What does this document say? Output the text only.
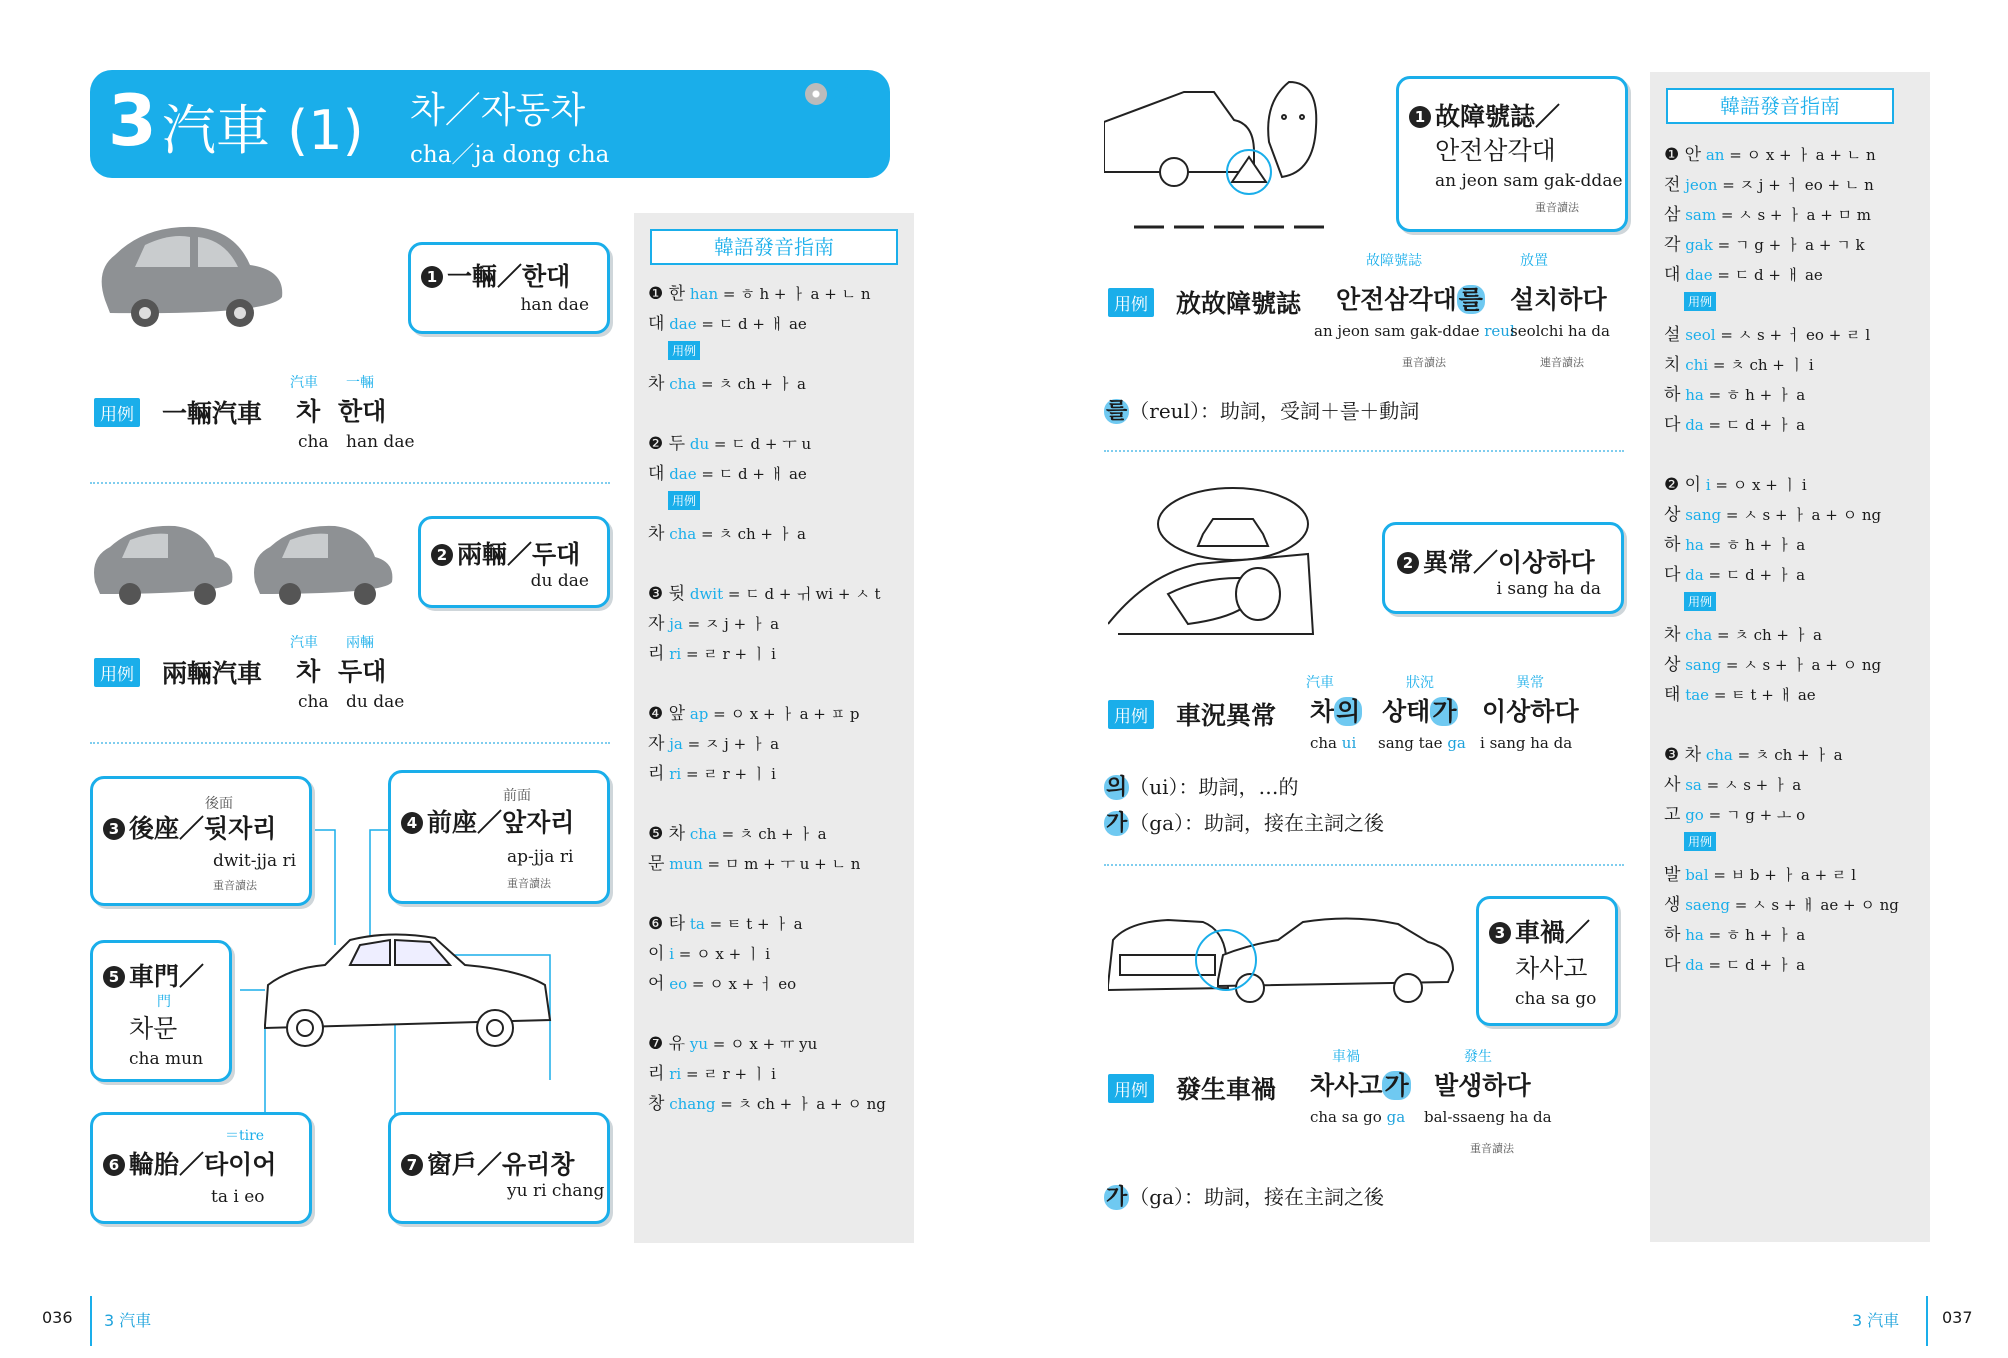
3 汽車 (1) 차／자동차
cha／ja dong cha
007
1 一輛／한대
han dae
用例 一輛汽車
汽車 一輛
차 한대
cha han dae
2 兩輛／두대
du dae
用例 兩輛汽車
汽車 兩輛
차 두대
cha du dae
後面
3 後座／뒷자리
dwit-jja ri
重音讀法
前面
4 前座／앞자리
ap-jja ri
重音讀法
5 車門／
門
차문
cha mun
＝tire
6 輪胎／타이어
ta i eo
7 窗戶／유리창
yu ri chang
韓語發音指南
❶ 한 han = ㅎ h + ㅏ a + ㄴ n
대 dae = ㄷ d + ㅐ ae
用例
차 cha = ㅊ ch + ㅏ a
❷ 두 du = ㄷ d + ㅜ u
대 dae = ㄷ d + ㅐ ae
用例
차 cha = ㅊ ch + ㅏ a
❸ 뒷 dwit = ㄷ d + ㅟ wi + ㅅ t
자 ja = ㅈ j + ㅏ a
리 ri = ㄹ r + ㅣ i
❹ 앞 ap = ㅇ x + ㅏ a + ㅍ p
자 ja = ㅈ j + ㅏ a
리 ri = ㄹ r + ㅣ i
❺ 차 cha = ㅊ ch + ㅏ a
문 mun = ㅁ m + ㅜ u + ㄴ n
❻ 타 ta = ㅌ t + ㅏ a
이 i = ㅇ x + ㅣ i
어 eo = ㅇ x + ㅓ eo
❼ 유 yu = ㅇ x + ㅠ yu
리 ri = ㄹ r + ㅣ i
창 chang = ㅊ ch + ㅏ a + ㅇ ng
1 故障號誌／
안전삼각대
an jeon sam gak-ddae
重音讀法
用例 放故障號誌
故障號誌	放置
안전삼각대를 설치하다
an jeon sam gak-ddae reul
seolchi ha da
重音讀法	連音讀法
를 （reul）：助詞，受詞＋를＋動詞
2 異常／이상하다
i sang ha da
用例 車況異常
汽車	狀況	異常
차의 상태가 이상하다
cha ui sang tae ga i sang ha da
의 （ui）：助詞，…的
가 （ga）：助詞，接在主詞之後
3 車禍／
차사고
cha sa go
用例 發生車禍
車禍	發生
차사고가 발생하다
cha sa go ga bal-ssaeng ha da
重音讀法
가 （ga）：助詞，接在主詞之後
韓語發音指南
❶ 안 an = ㅇ x + ㅏ a + ㄴ n
전 jeon = ㅈ j + ㅓ eo + ㄴ n
삼 sam = ㅅ s + ㅏ a + ㅁ m
각 gak = ㄱ g + ㅏ a + ㄱ k
대 dae = ㄷ d + ㅐ ae
用例
설 seol = ㅅ s + ㅓ eo + ㄹ l
치 chi = ㅊ ch + ㅣ i
하 ha = ㅎ h + ㅏ a
다 da = ㄷ d + ㅏ a
❷ 이 i = ㅇ x + ㅣ i
상 sang = ㅅ s + ㅏ a + ㅇ ng
하 ha = ㅎ h + ㅏ a
다 da = ㄷ d + ㅏ a
用例
차 cha = ㅊ ch + ㅏ a
상 sang = ㅅ s + ㅏ a + ㅇ ng
태 tae = ㅌ t + ㅐ ae
❸ 차 cha = ㅊ ch + ㅏ a
사 sa = ㅅ s + ㅏ a
고 go = ㄱ g + ㅗ o
用例
발 bal = ㅂ b + ㅏ a + ㄹ l
생 saeng = ㅅ s + ㅐ ae + ㅇ ng
하 ha = ㅎ h + ㅏ a
다 da = ㄷ d + ㅏ a
036 3 汽車	3 汽車	037
